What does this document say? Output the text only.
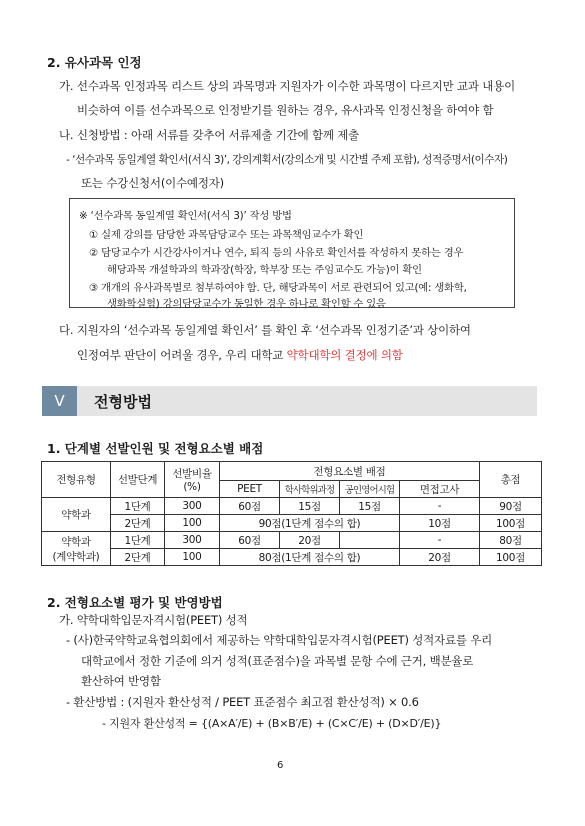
2. 유사과목 인정
가. 선수과목 인정과목 리스트 상의 과목명과 지원자가 이수한 과목명이 다르지만 교과 내용이
비슷하여 이를 선수과목으로 인정받기를 원하는 경우, 유사과목 인정신청을 하여야 함
나. 신청방법 : 아래 서류를 갖추어 서류제출 기간에 함께 제출
- ‘선수과목 동일계열 확인서(서식 3)’, 강의계획서(강의소개 및 시간별 주제 포함), 성적증명서(이수자)
또는 수강신청서(이수예정자)
※ ‘선수과목 동일계열 확인서(서식 3)’ 작성 방법
① 실제 강의를 담당한 과목담당교수 또는 과목책임교수가 확인
② 담당교수가 시간강사이거나 연수, 퇴직 등의 사유로 확인서를 작성하지 못하는 경우
해당과목 개설학과의 학과장(학장, 학부장 또는 주임교수도 가능)이 확인
③ 개개의 유사과목별로 첨부하여야 함. 단, 해당과목이 서로 관련되어 있고(예: 생화학,
생화학실험) 강의담당교수가 동일한 경우 하나로 확인할 수 있음
다. 지원자의 ‘선수과목 동일계열 확인서’ 를 확인 후 ‘선수과목 인정기준’과 상이하여
인정여부 판단이 어려울 경우, 우리 대학교 약학대학의 결정에 의함
Ⅴ	전형방법
1. 단계별 선발인원 및 전형요소별 배점
전형유형	선발단계	선발비율
(%)	전형요소별 배점				총점
			PEET	학사학위과정	공인영어시험	면접고사	
약학과	1단계	300	60점	15점	15점	-	90점
	2단계	100	90점(1단계 점수의 합)			10점	100점

약학과
(계약학과)	1단계	300	60점	20점		-	80점
	2단계	100	80점(1단계 점수의 합)			20점	100점
2. 전형요소별 평가 및 반영방법
가. 약학대학입문자격시험(PEET) 성적
- (사)한국약학교육협의회에서 제공하는 약학대학입문자격시험(PEET) 성적자료를 우리
대학교에서 정한 기준에 의거 성적(표준점수)을 과목별 문항 수에 근거, 백분율로
환산하여 반영함
- 환산방법 : (지원자 환산성적 / PEET 표준점수 최고점 환산성적) × 0.6
- 지원자 환산성적 = {(A×A′/E) + (B×B′/E) + (C×C′/E) + (D×D′/E)}
6
